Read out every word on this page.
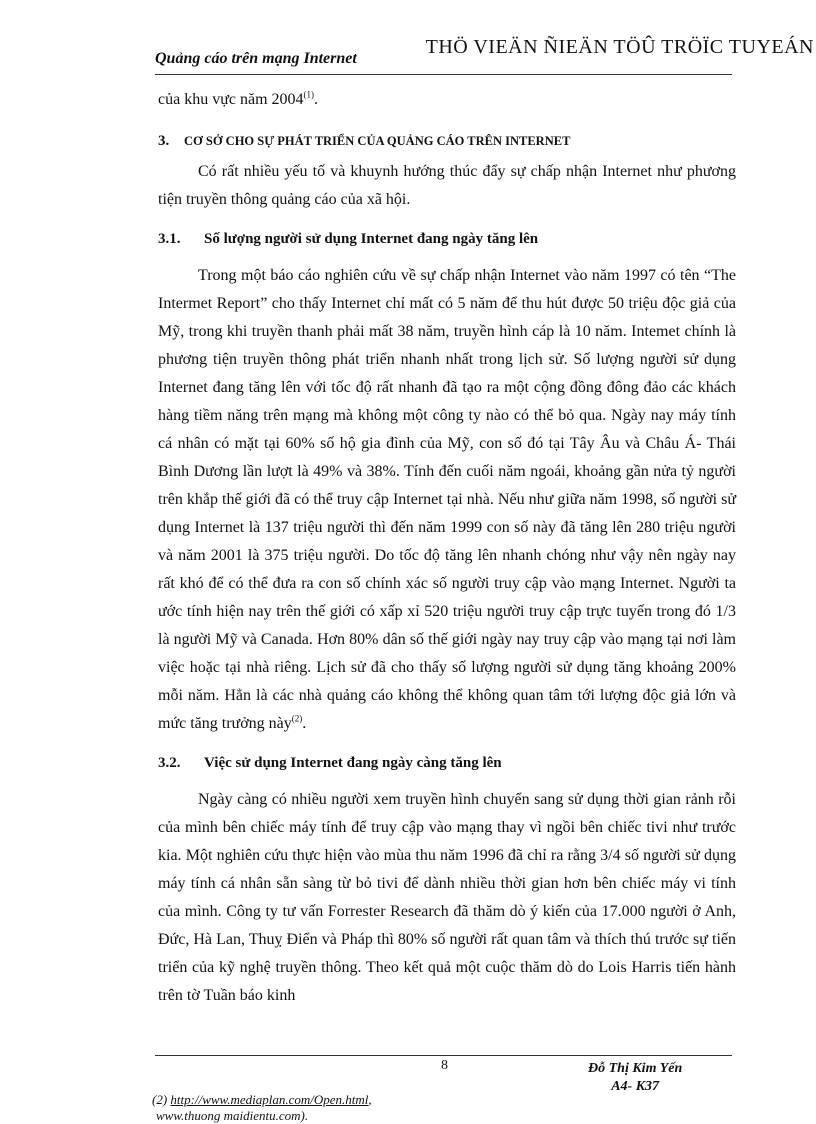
THÖ VIEÄN ÑIEÄN TÖÛ TRÖÏC TUYEÁN
Quảng cáo trên mạng Internet

của khu vực năm 2004$^{(1)}$.

3.	CƠ SỞ CHO SỰ PHÁT TRIỂN CỦA QUẢNG CÁO TRÊN INTERNET

Có rất nhiều yếu tố và khuynh hướng thúc đẩy sự chấp nhận Internet như phương tiện truyền thông quảng cáo của xã hội.

3.1.	Số lượng người sử dụng Internet đang ngày tăng lên

Trong một báo cáo nghiên cứu về sự chấp nhận Internet vào năm 1997 có tên “The Intermet Report” cho thấy Internet chỉ mất có 5 năm để thu hút được 50 triệu độc giả của Mỹ, trong khi truyền thanh phải mất 38 năm, truyền hình cáp là 10 năm. Intemet chính là phương tiện truyền thông phát triển nhanh nhất trong lịch sử. Số lượng người sử dụng Internet đang tăng lên với tốc độ rất nhanh đã tạo ra một cộng đồng đông đảo các khách hàng tiềm năng trên mạng mà không một công ty nào có thể bỏ qua. Ngày nay máy tính cá nhân có mặt tại 60% số hộ gia đình của Mỹ, con số đó tại Tây Âu và Châu Á- Thái Bình Dương lần lượt là 49% và 38%. Tính đến cuối năm ngoái, khoảng gần nửa tỷ người trên khắp thế giới đã có thể truy cập Internet tại nhà. Nếu như giữa năm 1998, số người sử dụng Internet là 137 triệu người thì đến năm 1999 con số này đã tăng lên 280 triệu người và năm 2001 là 375 triệu người. Do tốc độ tăng lên nhanh chóng như vậy nên ngày nay rất khó để có thể đưa ra con số chính xác số người truy cập vào mạng Internet. Người ta ước tính hiện nay trên thế giới có xấp xỉ 520 triệu người truy cập trực tuyến trong đó 1/3 là người Mỹ và Canada. Hơn 80% dân số thế giới ngày nay truy cập vào mạng tại nơi làm việc hoặc tại nhà riêng. Lịch sử đã cho thấy số lượng người sử dụng tăng khoảng 200% mỗi năm. Hẳn là các nhà quảng cáo không thể không quan tâm tới lượng độc giả lớn và mức tăng trưởng này$^{(2)}$.

3.2.	Việc sử dụng Internet đang ngày càng tăng lên

Ngày càng có nhiều người xem truyền hình chuyển sang sử dụng thời gian rảnh rỗi của mình bên chiếc máy tính để truy cập vào mạng thay vì ngồi bên chiếc tivi như trước kia. Một nghiên cứu thực hiện vào mùa thu năm 1996 đã chỉ ra rằng 3/4 số người sử dụng máy tính cá nhân sẵn sàng từ bỏ tivi để dành nhiều thời gian hơn bên chiếc máy vi tính của mình. Công ty tư vấn Forrester Research đã thăm dò ý kiến của 17.000 người ở Anh, Đức, Hà Lan, Thuỵ Điển và Pháp thì 80% số người rất quan tâm và thích thú trước sự tiến triển của kỹ nghệ truyền thông. Theo kết quả một cuộc thăm dò do Lois Harris tiến hành trên tờ Tuần báo kinh

8	Đỗ Thị Kim Yến
A4- K37
(2) http://www.mediaplan.com/Open.html,
www.thuong maidientu.com).
